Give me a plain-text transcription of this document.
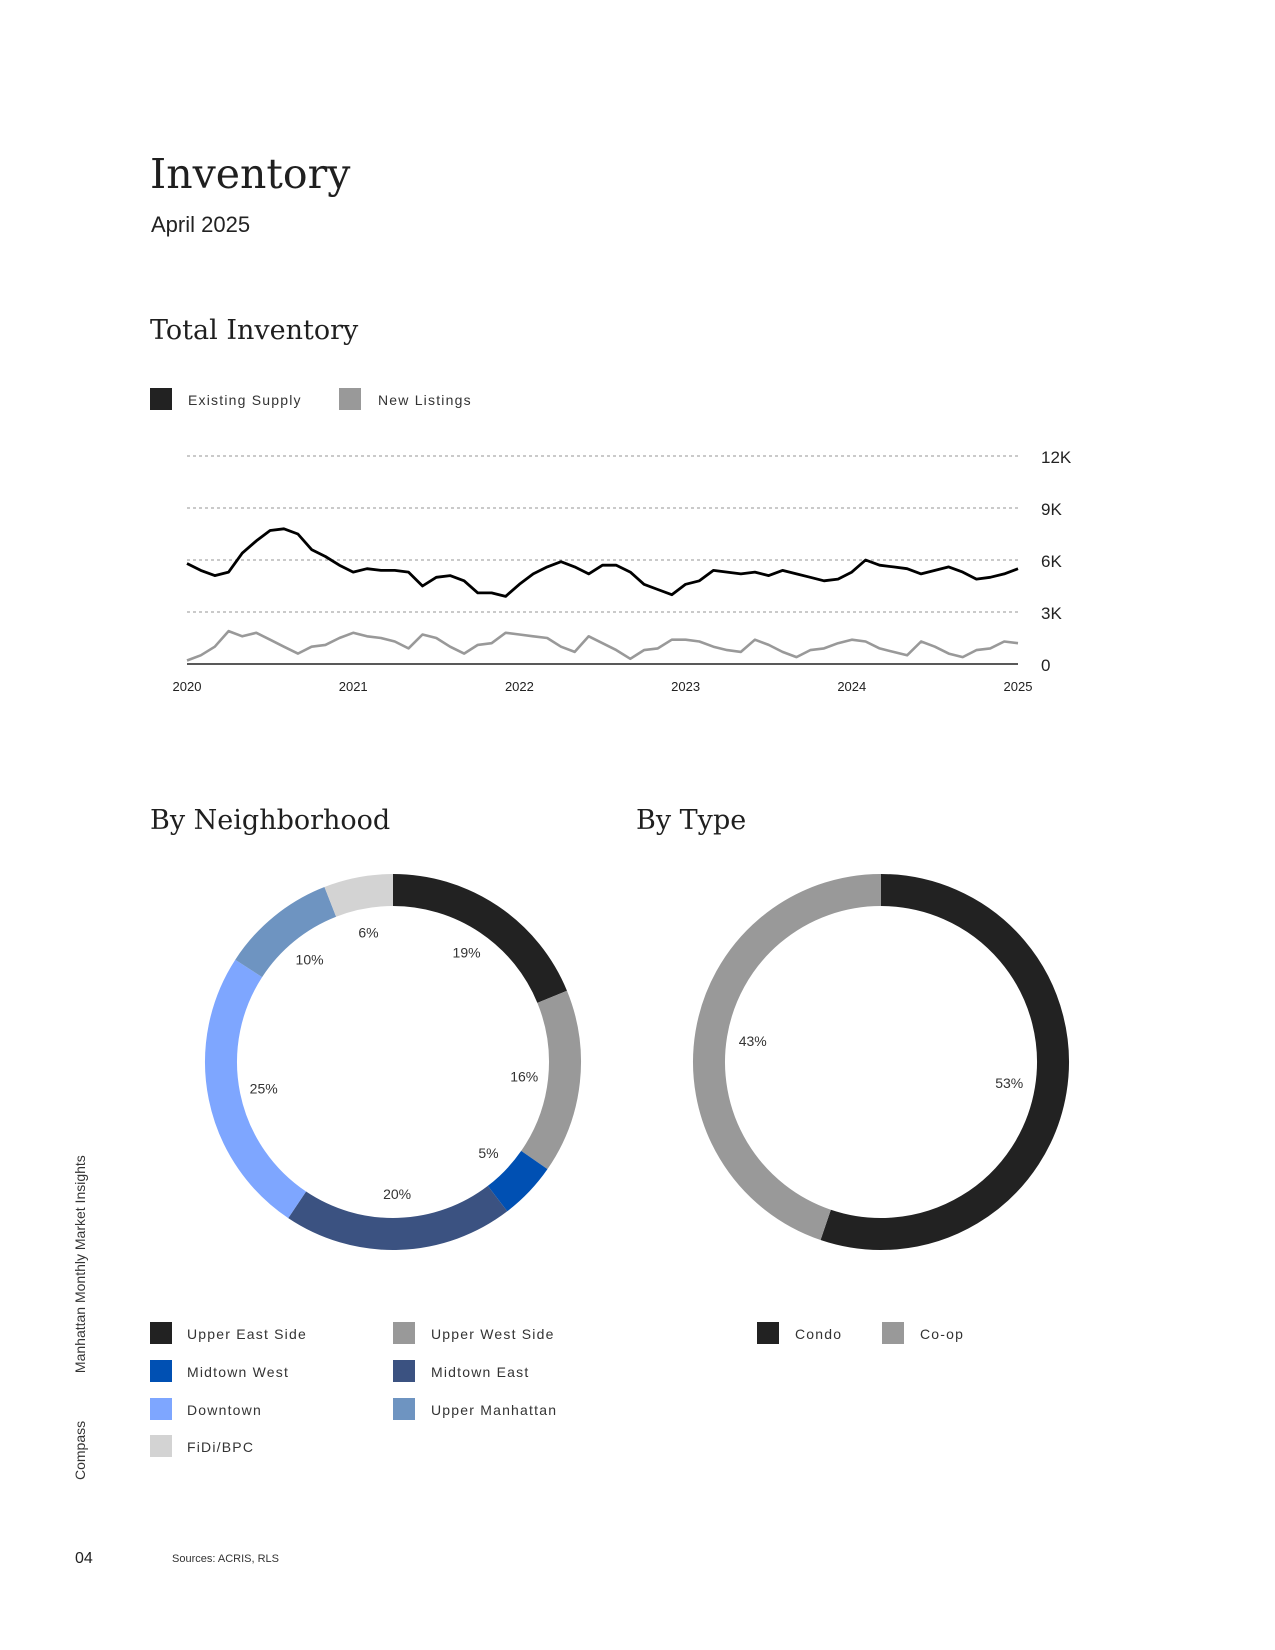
Inventory
April 2025
Total Inventory
Existing Supply	New Listings
0
3K
6K
9K
12K
2020	2021	2022	2023	2024	2025
By Neighborhood	By Type
19%
16%
5%
20%
25%
10%
6%
53%
43%
Upper East Side	Upper West Side
Midtown West	Midtown East
Downtown	Upper Manhattan
FiDi/BPC
Condo	Co-op
Compass  Manhattan Monthly Market Insights
04	Sources: ACRIS, RLS
